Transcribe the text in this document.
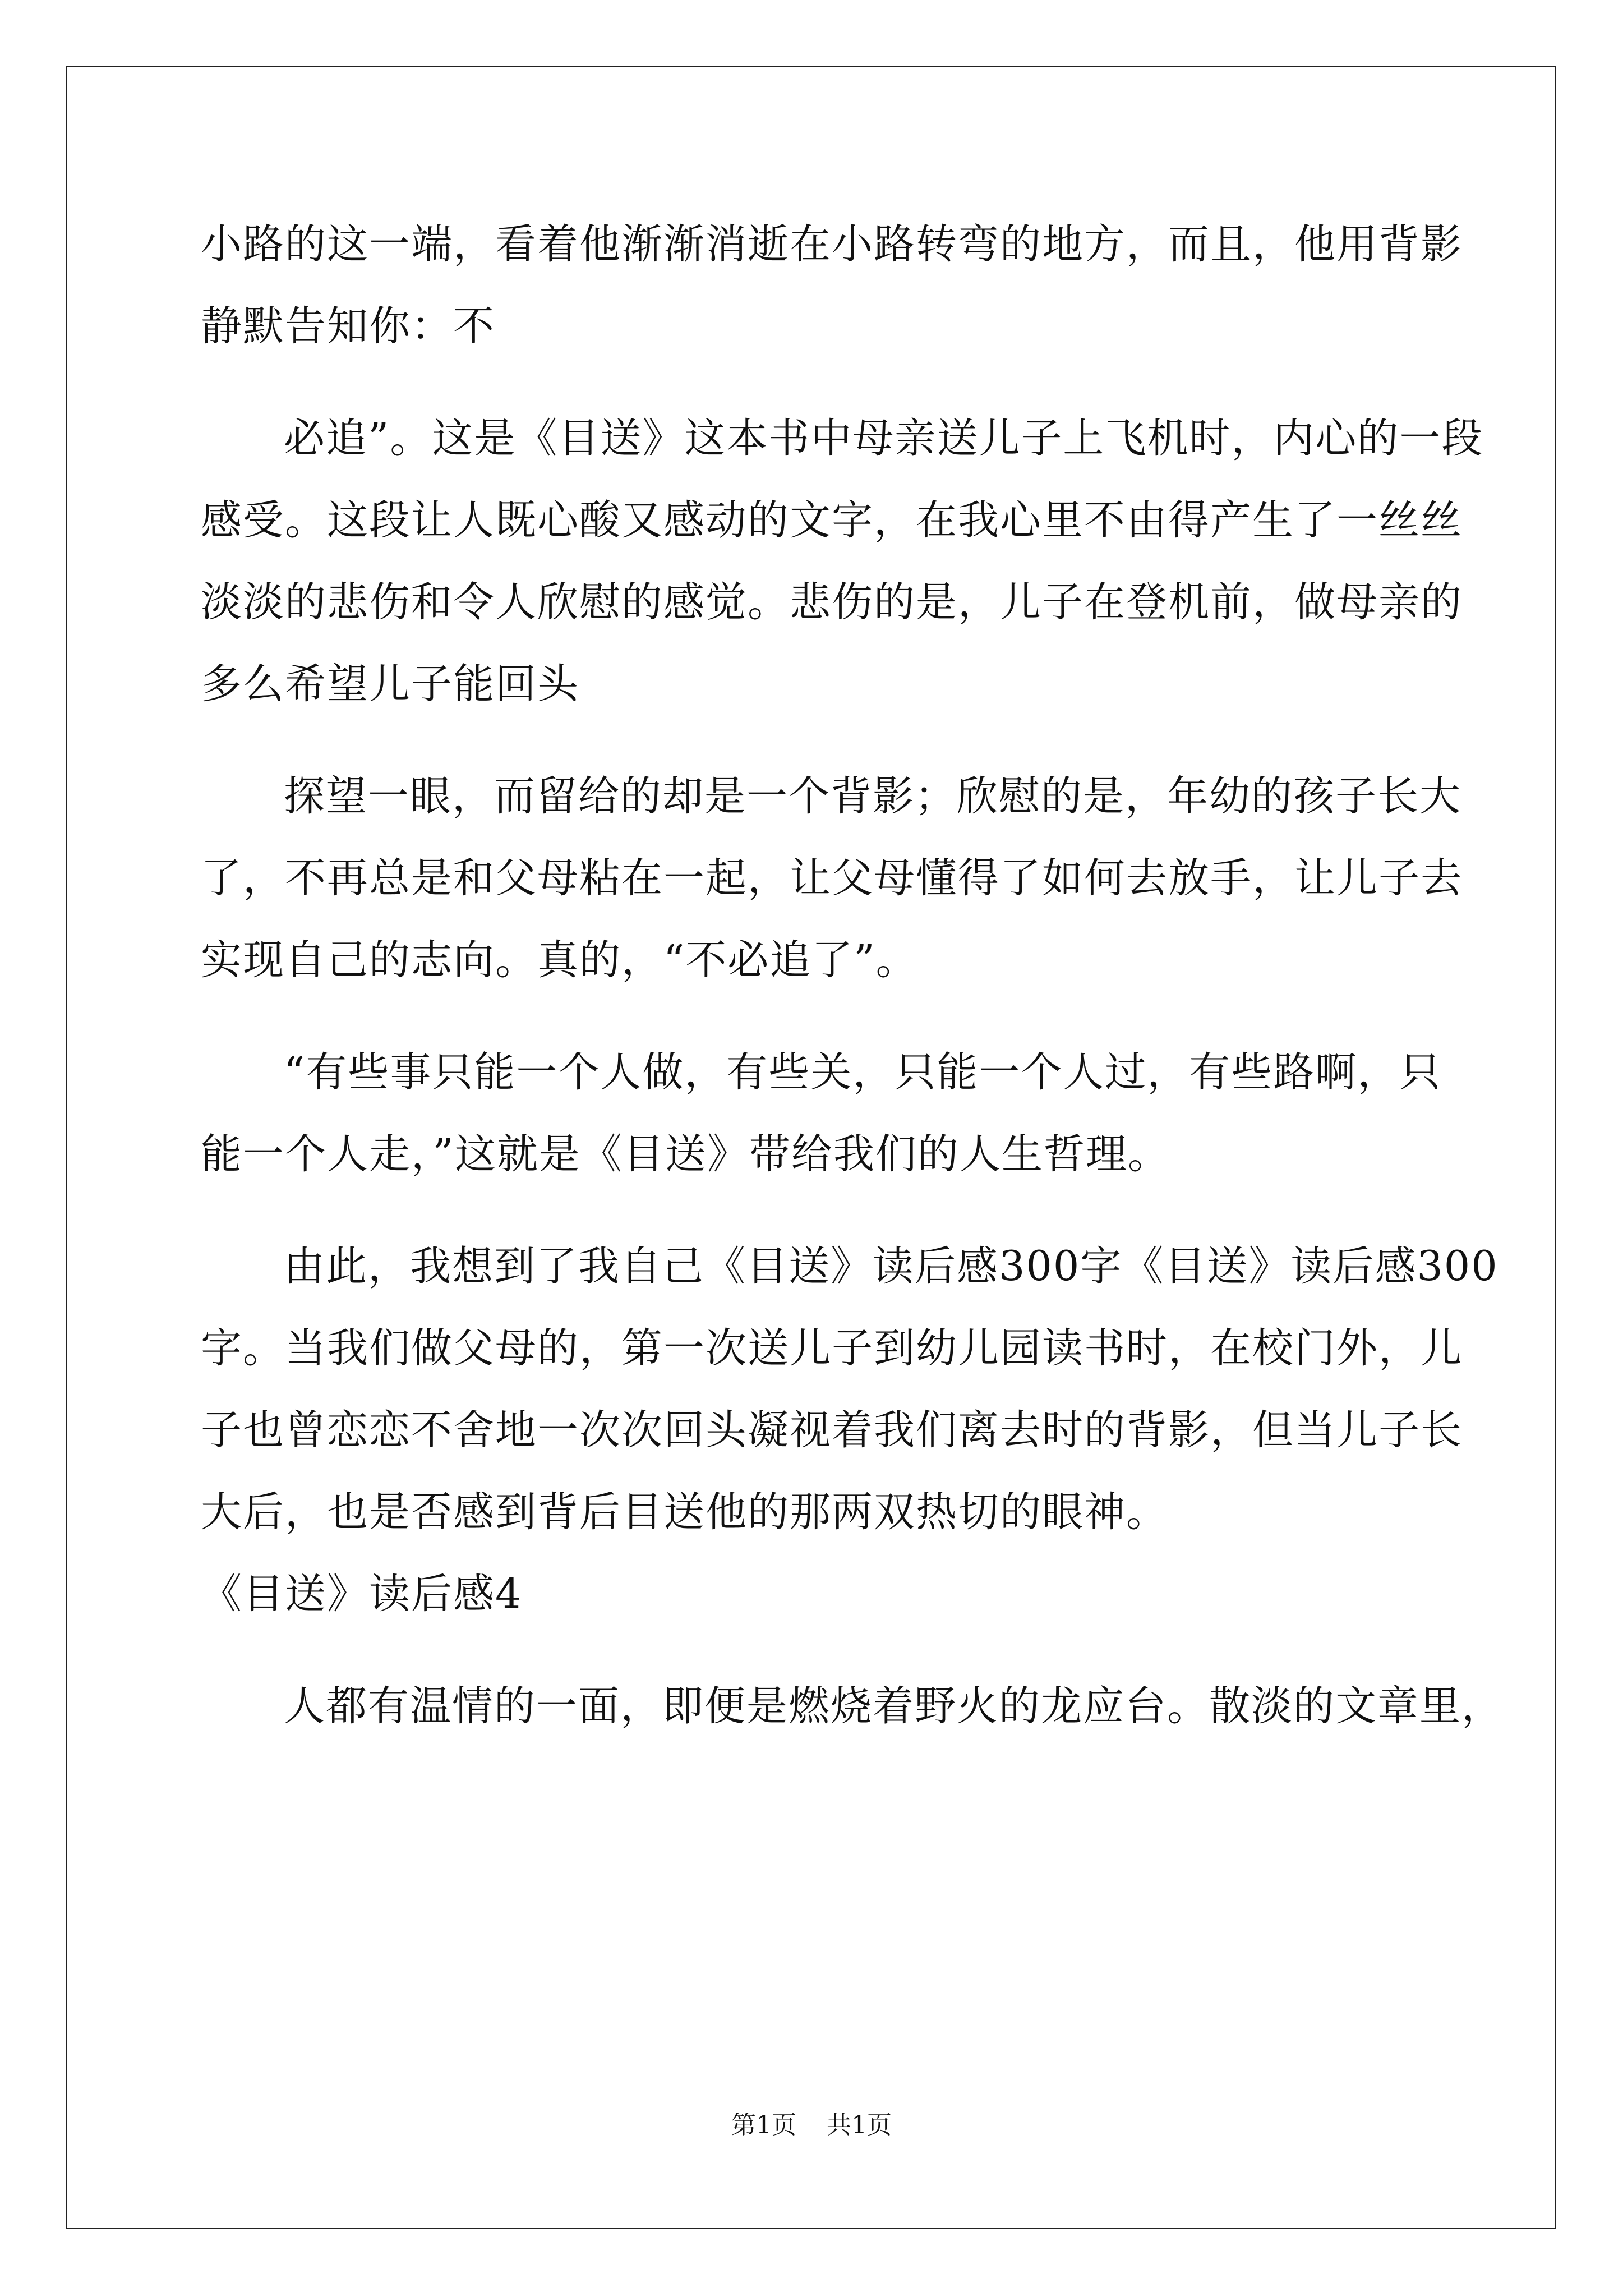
小路的这一端，看着他渐渐消逝在小路转弯的地方，而且，他用背影
静默告知你：不
必追”。这是《目送》这本书中母亲送儿子上飞机时，内心的一段
感受。这段让人既心酸又感动的文字，在我心里不由得产生了一丝丝
淡淡的悲伤和令人欣慰的感觉。悲伤的是，儿子在登机前，做母亲的
多么希望儿子能回头
探望一眼，而留给的却是一个背影；欣慰的是，年幼的孩子长大
了，不再总是和父母粘在一起，让父母懂得了如何去放手，让儿子去
实现自己的志向。真的，“不必追了”。
“有些事只能一个人做，有些关，只能一个人过，有些路啊，只
能一个人走，”这就是《目送》带给我们的人生哲理。
由此，我想到了我自己《目送》读后感300字《目送》读后感300
字。当我们做父母的，第一次送儿子到幼儿园读书时，在校门外，儿
子也曾恋恋不舍地一次次回头凝视着我们离去时的背影，但当儿子长
大后，也是否感到背后目送他的那两双热切的眼神。
《目送》读后感4
人都有温情的一面，即便是燃烧着野火的龙应台。散淡的文章里，
第1页 共1页
